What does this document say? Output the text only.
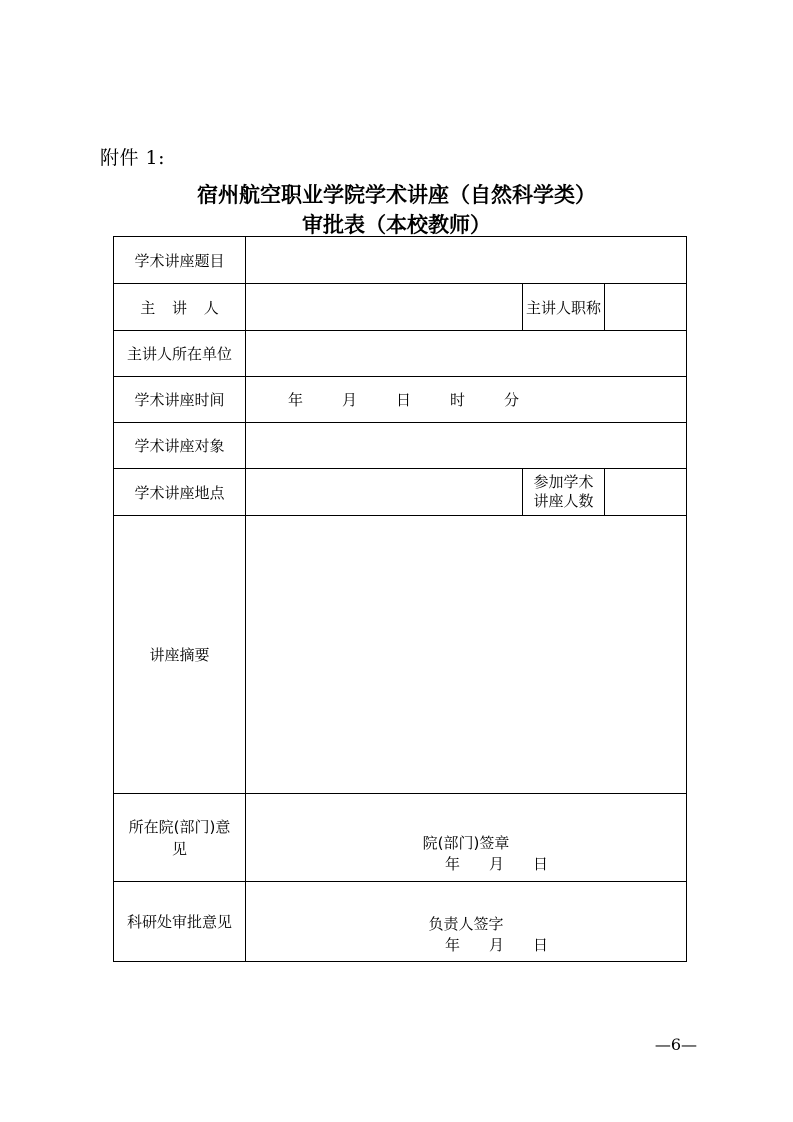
附件 1:
宿州航空职业学院学术讲座（自然科学类）
审批表（本校教师）
学术讲座题目			
主 讲 人		主讲人职称	
主讲人所在单位			
学术讲座时间	年 月 日 时 分		

学术讲座对象			
学术讲座地点		参加学术
讲座人数	

讲座摘要			

所在院(部门)意
见	院(部门)签章
年 月 日

科研处审批意见	负责人签字
年 月 日		
—6—
